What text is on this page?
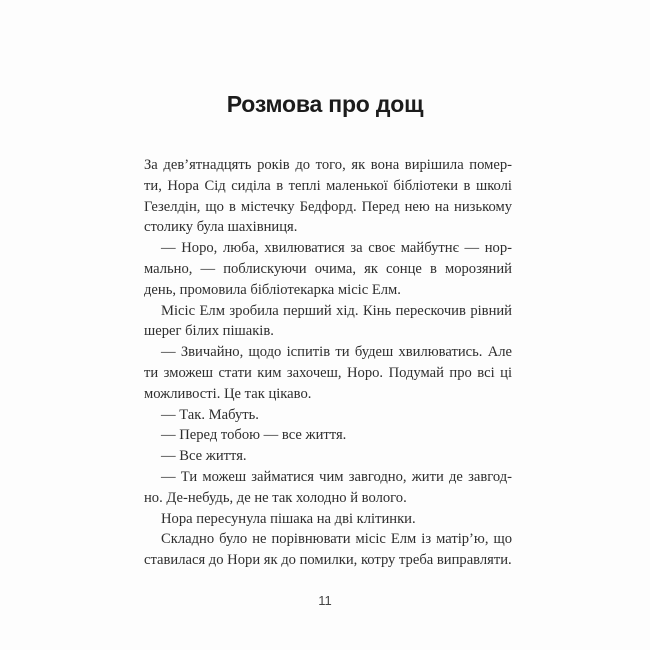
Розмова про дощ
За дев’ятнадцять років до того, як вона вирішила помер-
ти, Нора Сід сиділа в теплі маленької бібліотеки в школі
Гезелдін, що в містечку Бедфорд. Перед нею на низькому
столику була шахівниця.
— Норо, люба, хвилюватися за своє майбутнє — нор-
мально, — поблискуючи очима, як сонце в морозяний
день, промовила бібліотекарка місіс Елм.
Місіс Елм зробила перший хід. Кінь перескочив рівний
шерег білих пішаків.
— Звичайно, щодо іспитів ти будеш хвилюватись. Але
ти зможеш стати ким захочеш, Норо. Подумай про всі ці
можливості. Це так цікаво.
— Так. Мабуть.
— Перед тобою — все життя.
— Все життя.
— Ти можеш займатися чим завгодно, жити де завгод-
но. Де-небудь, де не так холодно й волого.
Нора пересунула пішака на дві клітинки.
Складно було не порівнювати місіс Елм із матір’ю, що
ставилася до Нори як до помилки, котру треба виправляти.
11
